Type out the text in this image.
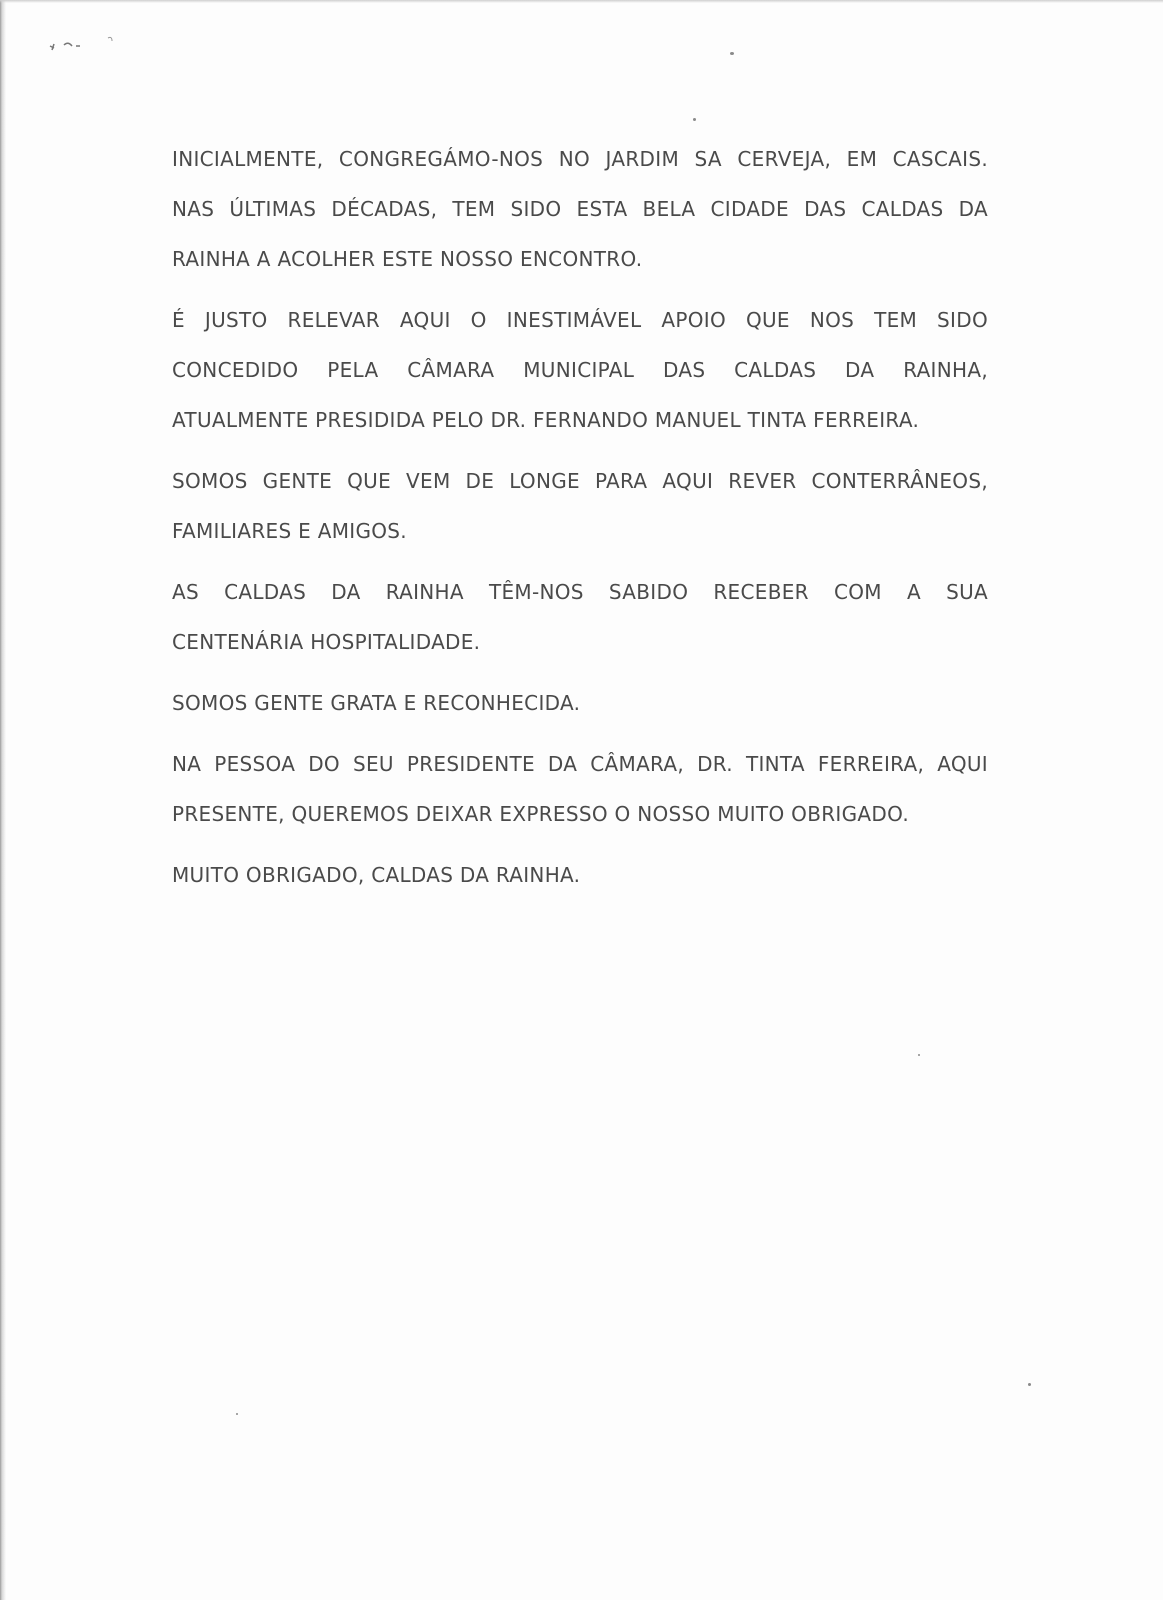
INICIALMENTE, CONGREGÁMO-NOS NO JARDIM SA CERVEJA, EM CASCAIS.
NAS ÚLTIMAS DÉCADAS, TEM SIDO ESTA BELA CIDADE DAS CALDAS DA
RAINHA A ACOLHER ESTE NOSSO ENCONTRO.
É JUSTO RELEVAR AQUI O INESTIMÁVEL APOIO QUE NOS TEM SIDO
CONCEDIDO PELA CÂMARA MUNICIPAL DAS CALDAS DA RAINHA,
ATUALMENTE PRESIDIDA PELO DR. FERNANDO MANUEL TINTA FERREIRA.
SOMOS GENTE QUE VEM DE LONGE PARA AQUI REVER CONTERRÂNEOS,
FAMILIARES E AMIGOS.
AS CALDAS DA RAINHA TÊM-NOS SABIDO RECEBER COM A SUA
CENTENÁRIA HOSPITALIDADE.
SOMOS GENTE GRATA E RECONHECIDA.
NA PESSOA DO SEU PRESIDENTE DA CÂMARA, DR. TINTA FERREIRA, AQUI
PRESENTE, QUEREMOS DEIXAR EXPRESSO O NOSSO MUITO OBRIGADO.
MUITO OBRIGADO, CALDAS DA RAINHA.
